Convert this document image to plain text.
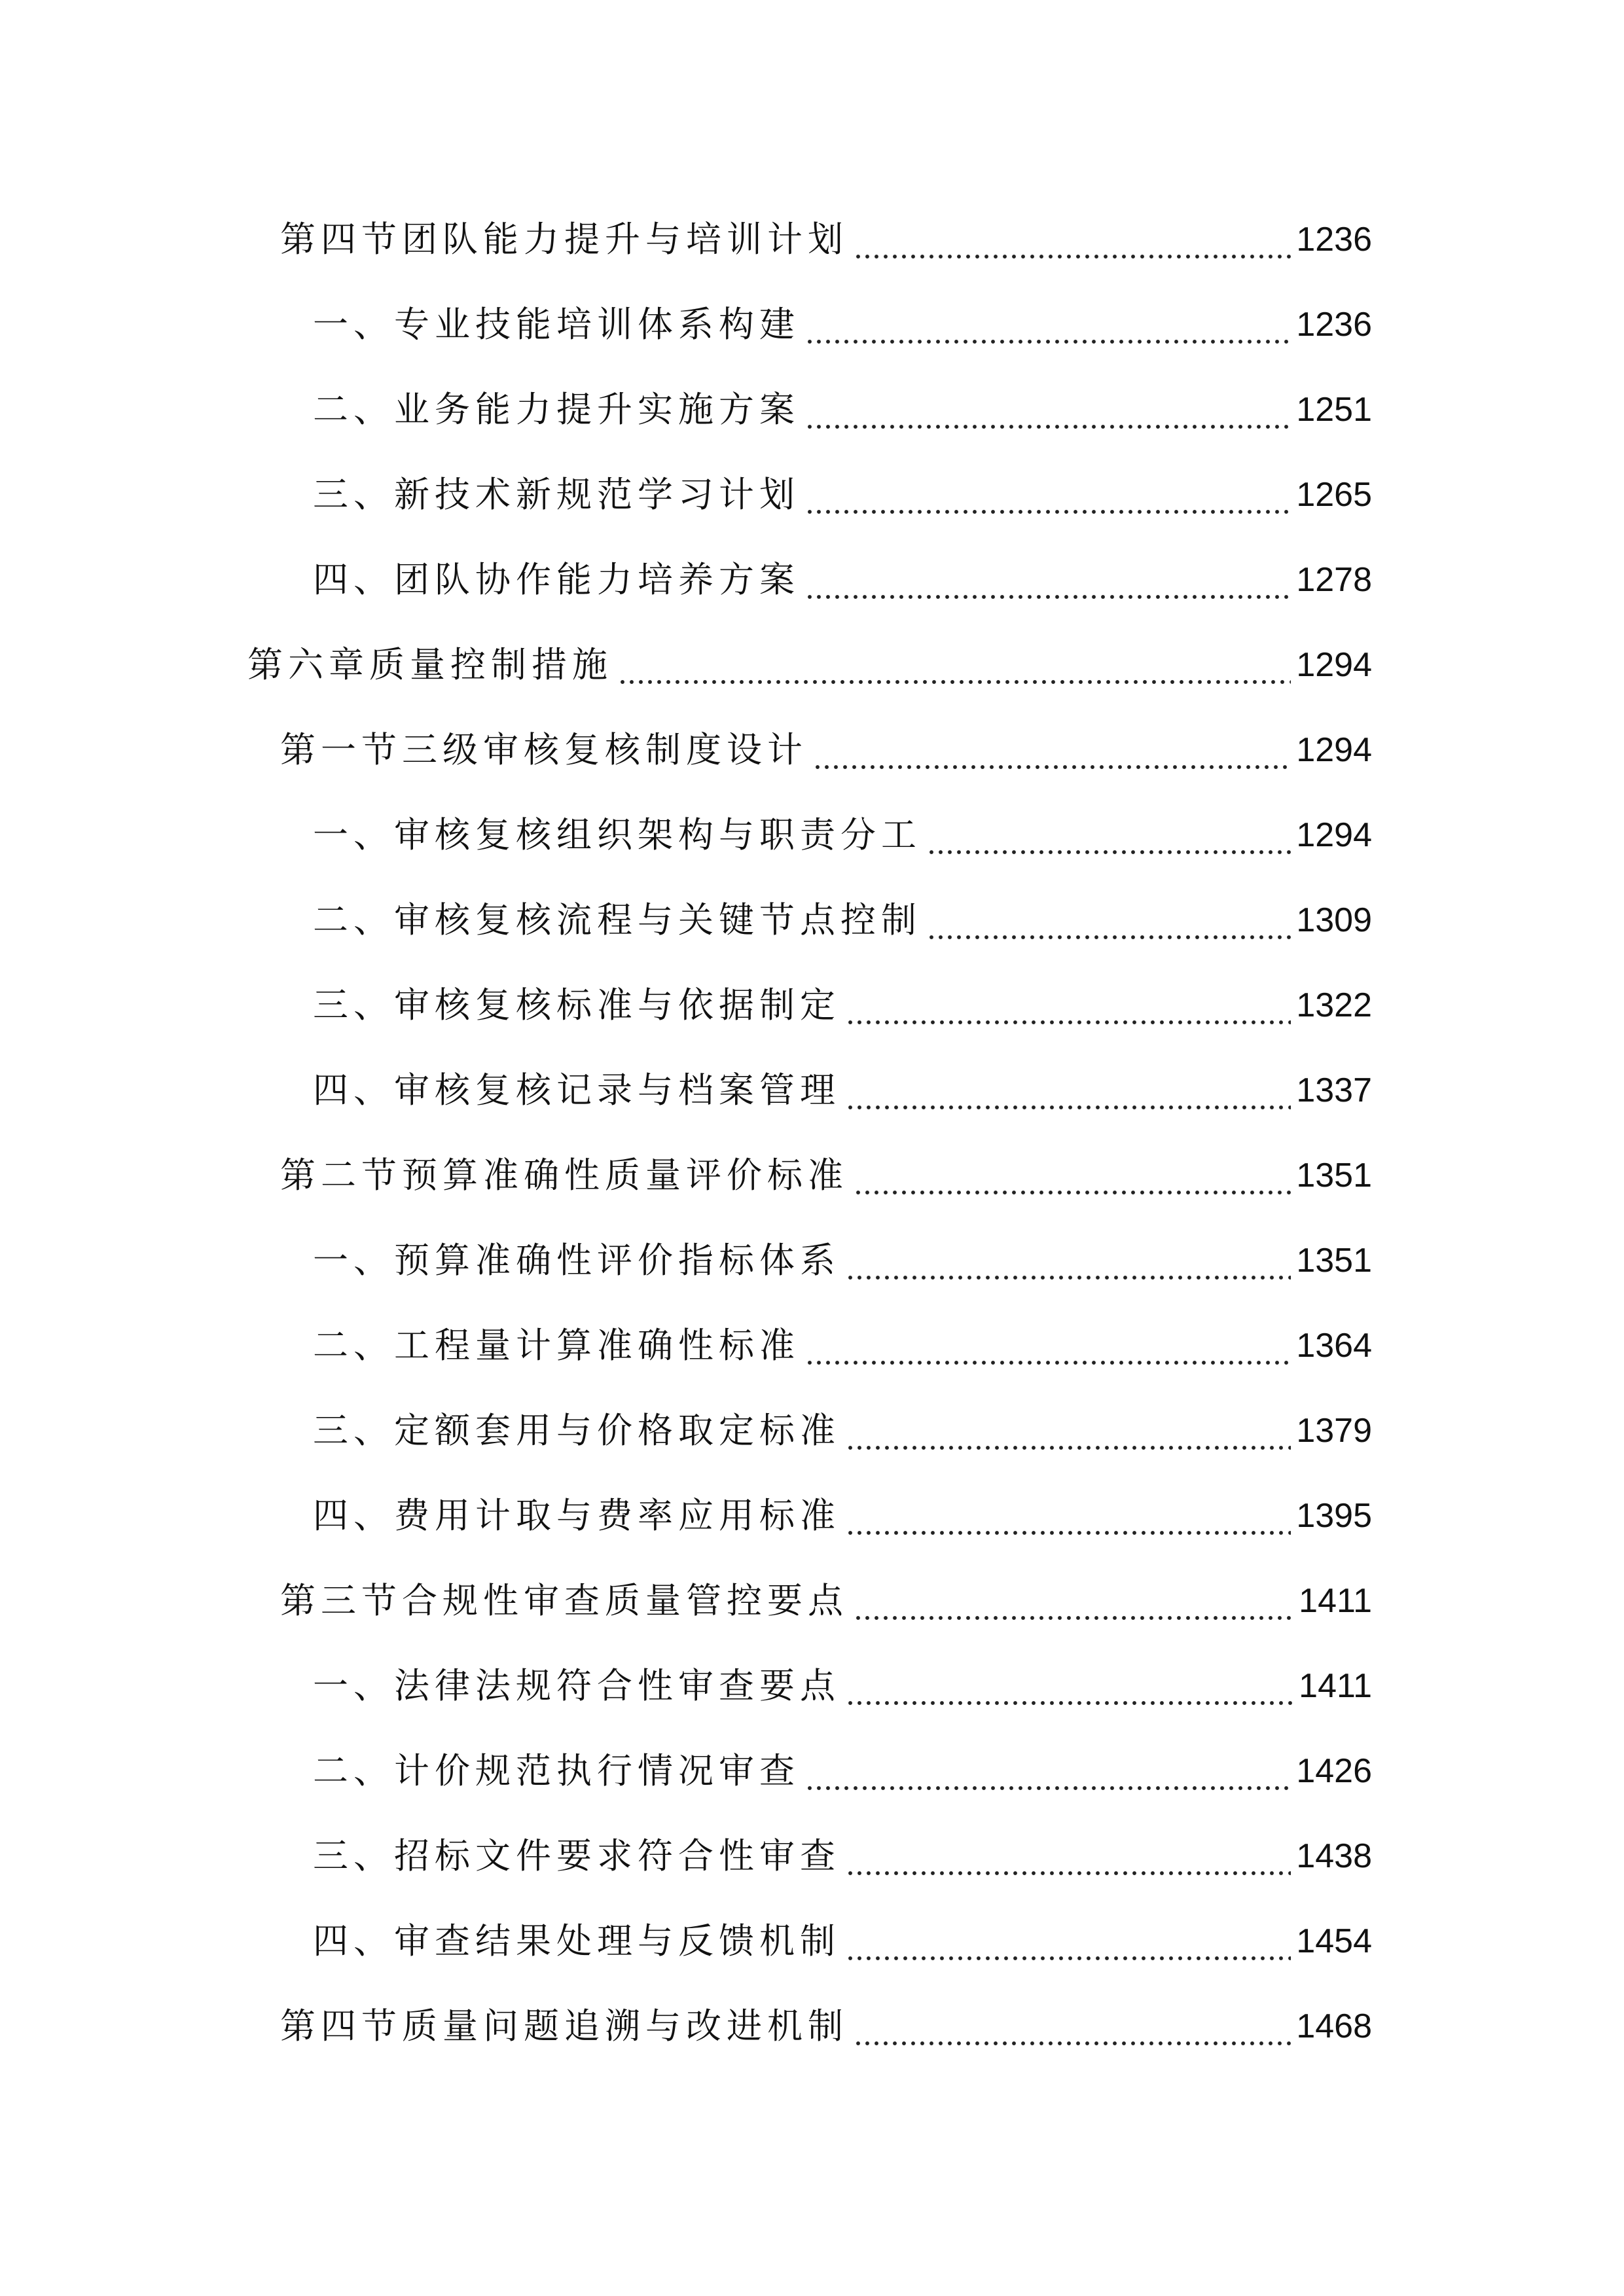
第四节团队能力提升与培训计划	1236
一、专业技能培训体系构建	1236
二、业务能力提升实施方案	1251
三、新技术新规范学习计划	1265
四、团队协作能力培养方案	1278
第六章质量控制措施	1294
第一节三级审核复核制度设计	1294
一、审核复核组织架构与职责分工	1294
二、审核复核流程与关键节点控制	1309
三、审核复核标准与依据制定	1322
四、审核复核记录与档案管理	1337
第二节预算准确性质量评价标准	1351
一、预算准确性评价指标体系	1351
二、工程量计算准确性标准	1364
三、定额套用与价格取定标准	1379
四、费用计取与费率应用标准	1395
第三节合规性审查质量管控要点	1411
一、法律法规符合性审查要点	1411
二、计价规范执行情况审查	1426
三、招标文件要求符合性审查	1438
四、审查结果处理与反馈机制	1454
第四节质量问题追溯与改进机制	1468
